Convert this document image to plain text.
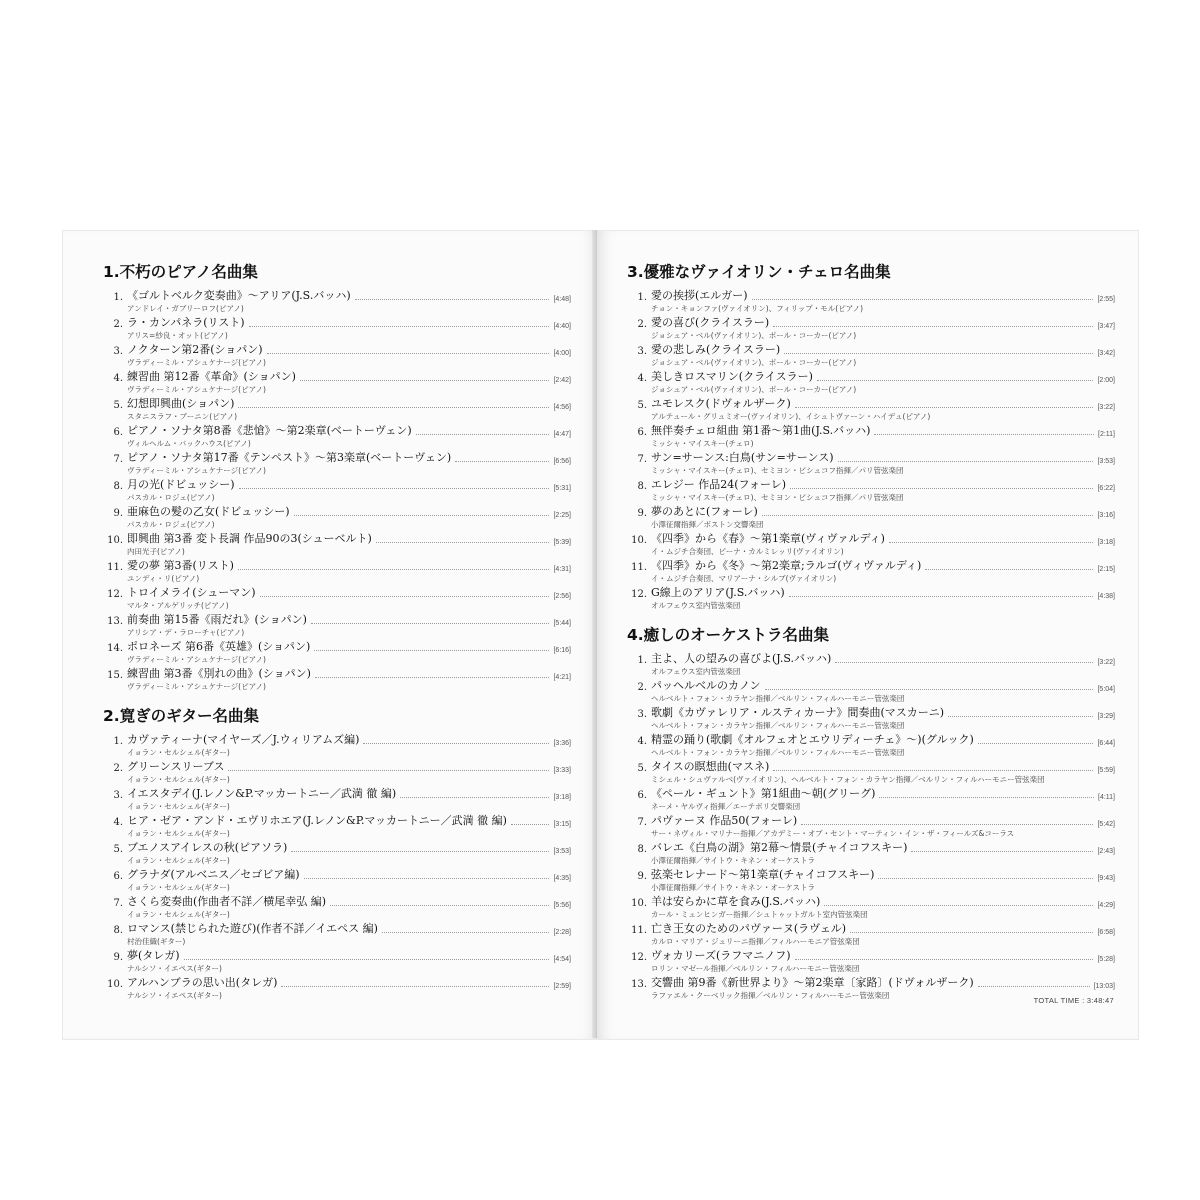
1.不朽のピアノ名曲集
1. 《ゴルトベルク変奏曲》～アリア(J.S.バッハ)	[4:48]
アンドレイ・ガブリーロフ(ピアノ)
2. ラ・カンパネラ(リスト)	[4:40]
アリス=紗良・オット(ピアノ)
3. ノクターン第2番(ショパン)	[4:00]
ヴラディーミル・アシュケナージ(ピアノ)
4. 練習曲 第12番《革命》(ショパン)	[2:42]
ヴラディーミル・アシュケナージ(ピアノ)
5. 幻想即興曲(ショパン)	[4:56]
スタニスラフ・ブーニン(ピアノ)
6. ピアノ・ソナタ第8番《悲愴》～第2楽章(ベートーヴェン)	[4:47]
ヴィルヘルム・バックハウス(ピアノ)
7. ピアノ・ソナタ第17番《テンペスト》～第3楽章(ベートーヴェン)	[6:56]
ヴラディーミル・アシュケナージ(ピアノ)
8. 月の光(ドビュッシー)	[5:31]
パスカル・ロジェ(ピアノ)
9. 亜麻色の髪の乙女(ドビュッシー)	[2:25]
パスカル・ロジェ(ピアノ)
10. 即興曲 第3番 変ト長調 作品90の3(シューベルト)	[5:39]
内田光子(ピアノ)
11. 愛の夢 第3番(リスト)	[4:31]
ユンディ・リ(ピアノ)
12. トロイメライ(シューマン)	[2:56]
マルタ・アルゲリッチ(ピアノ)
13. 前奏曲 第15番《雨だれ》(ショパン)	[5:44]
アリシア・デ・ラローチャ(ピアノ)
14. ポロネーズ 第6番《英雄》(ショパン)	[6:16]
ヴラディーミル・アシュケナージ(ピアノ)
15. 練習曲 第3番《別れの曲》(ショパン)	[4:21]
ヴラディーミル・アシュケナージ(ピアノ)
2.寛ぎのギター名曲集
1. カヴァティーナ(マイヤーズ／J.ウィリアムズ編)	[3:36]
イョラン・セルシェル(ギター)
2. グリーンスリーブス	[3:33]
イョラン・セルシェル(ギター)
3. イエスタデイ(J.レノン&P.マッカートニー／武満 徹 編)	[3:18]
イョラン・セルシェル(ギター)
4. ヒア・ゼア・アンド・エヴリホエア(J.レノン&P.マッカートニー／武満 徹 編)	[3:15]
イョラン・セルシェル(ギター)
5. ブエノスアイレスの秋(ピアソラ)	[3:53]
イョラン・セルシェル(ギター)
6. グラナダ(アルベニス／セゴビア編)	[4:35]
イョラン・セルシェル(ギター)
7. さくら変奏曲(作曲者不詳／横尾幸弘 編)	[5:56]
イョラン・セルシェル(ギター)
8. ロマンス(禁じられた遊び)(作者不詳／イエペス 編)	[2:28]
村治佳織(ギター)
9. 夢(タレガ)	[4:54]
ナルシソ・イエペス(ギター)
10. アルハンブラの思い出(タレガ)	[2:59]
ナルシソ・イエペス(ギター)
3.優雅なヴァイオリン・チェロ名曲集
1. 愛の挨拶(エルガー)	[2:55]
チョン・キョンファ(ヴァイオリン)、フィリップ・モル(ピアノ)
2. 愛の喜び(クライスラー)	[3:47]
ジョシュア・ベル(ヴァイオリン)、ポール・コーカー(ピアノ)
3. 愛の悲しみ(クライスラー)	[3:42]
ジョシュア・ベル(ヴァイオリン)、ポール・コーカー(ピアノ)
4. 美しきロスマリン(クライスラー)	[2:00]
ジョシュア・ベル(ヴァイオリン)、ポール・コーカー(ピアノ)
5. ユモレスク(ドヴォルザーク)	[3:22]
アルテュール・グリュミオー(ヴァイオリン)、イシュトヴァーン・ハイデュ(ピアノ)
6. 無伴奏チェロ組曲 第1番～第1曲(J.S.バッハ)	[2:11]
ミッシャ・マイスキー(チェロ)
7. サン=サーンス:白鳥(サン=サーンス)	[3:53]
ミッシャ・マイスキー(チェロ)、セミヨン・ビシュコフ指揮／パリ管弦楽団
8. エレジー 作品24(フォーレ)	[6:22]
ミッシャ・マイスキー(チェロ)、セミヨン・ビシュコフ指揮／パリ管弦楽団
9. 夢のあとに(フォーレ)	[3:16]
小澤征爾指揮／ボストン交響楽団
10. 《四季》から《春》～第1楽章(ヴィヴァルディ)	[3:18]
イ・ムジチ合奏団、ピーナ・カルミレッリ(ヴァイオリン)
11. 《四季》から《冬》～第2楽章;ラルゴ(ヴィヴァルディ)	[2:15]
イ・ムジチ合奏団、マリアーナ・シルブ(ヴァイオリン)
12. G線上のアリア(J.S.バッハ)	[4:38]
オルフェウス室内管弦楽団
4.癒しのオーケストラ名曲集
1. 主よ、人の望みの喜びよ(J.S.バッハ)	[3:22]
オルフェウス室内管弦楽団
2. パッヘルベルのカノン	[5:04]
ヘルベルト・フォン・カラヤン指揮／ベルリン・フィルハーモニー管弦楽団
3. 歌劇《カヴァレリア・ルスティカーナ》間奏曲(マスカーニ)	[3:29]
ヘルベルト・フォン・カラヤン指揮／ベルリン・フィルハーモニー管弦楽団
4. 精霊の踊り(歌劇《オルフェオとエウリディーチェ》～)(グルック)	[6:44]
ヘルベルト・フォン・カラヤン指揮／ベルリン・フィルハーモニー管弦楽団
5. タイスの瞑想曲(マスネ)	[5:59]
ミシェル・シュヴァルベ(ヴァイオリン)、ヘルベルト・フォン・カラヤン指揮／ベルリン・フィルハーモニー管弦楽団
6. 《ペール・ギュント》第1組曲～朝(グリーグ)	[4:11]
ネーメ・ヤルヴィ指揮／エーテボリ交響楽団
7. パヴァーヌ 作品50(フォーレ)	[5:42]
サー・ネヴィル・マリナー指揮／アカデミー・オブ・セント・マーティン・イン・ザ・フィールズ&コーラス
8. バレエ《白鳥の湖》第2幕～情景(チャイコフスキー)	[2:43]
小澤征爾指揮／サイトウ・キネン・オーケストラ
9. 弦楽セレナード～第1楽章(チャイコフスキー)	[9:43]
小澤征爾指揮／サイトウ・キネン・オーケストラ
10. 羊は安らかに草を食み(J.S.バッハ)	[4:29]
カール・ミュンヒンガー指揮／シュトゥットガルト室内管弦楽団
11. 亡き王女のためのパヴァーヌ(ラヴェル)	[6:58]
カルロ・マリア・ジュリーニ指揮／フィルハーモニア管弦楽団
12. ヴォカリーズ(ラフマニノフ)	[5:28]
ロリン・マゼール指揮／ベルリン・フィルハーモニー管弦楽団
13. 交響曲 第9番《新世界より》～第2楽章〔家路〕(ドヴォルザーク)	[13:03]
ラファエル・クーベリック指揮／ベルリン・フィルハーモニー管弦楽団
TOTAL TIME : 3:48:47
